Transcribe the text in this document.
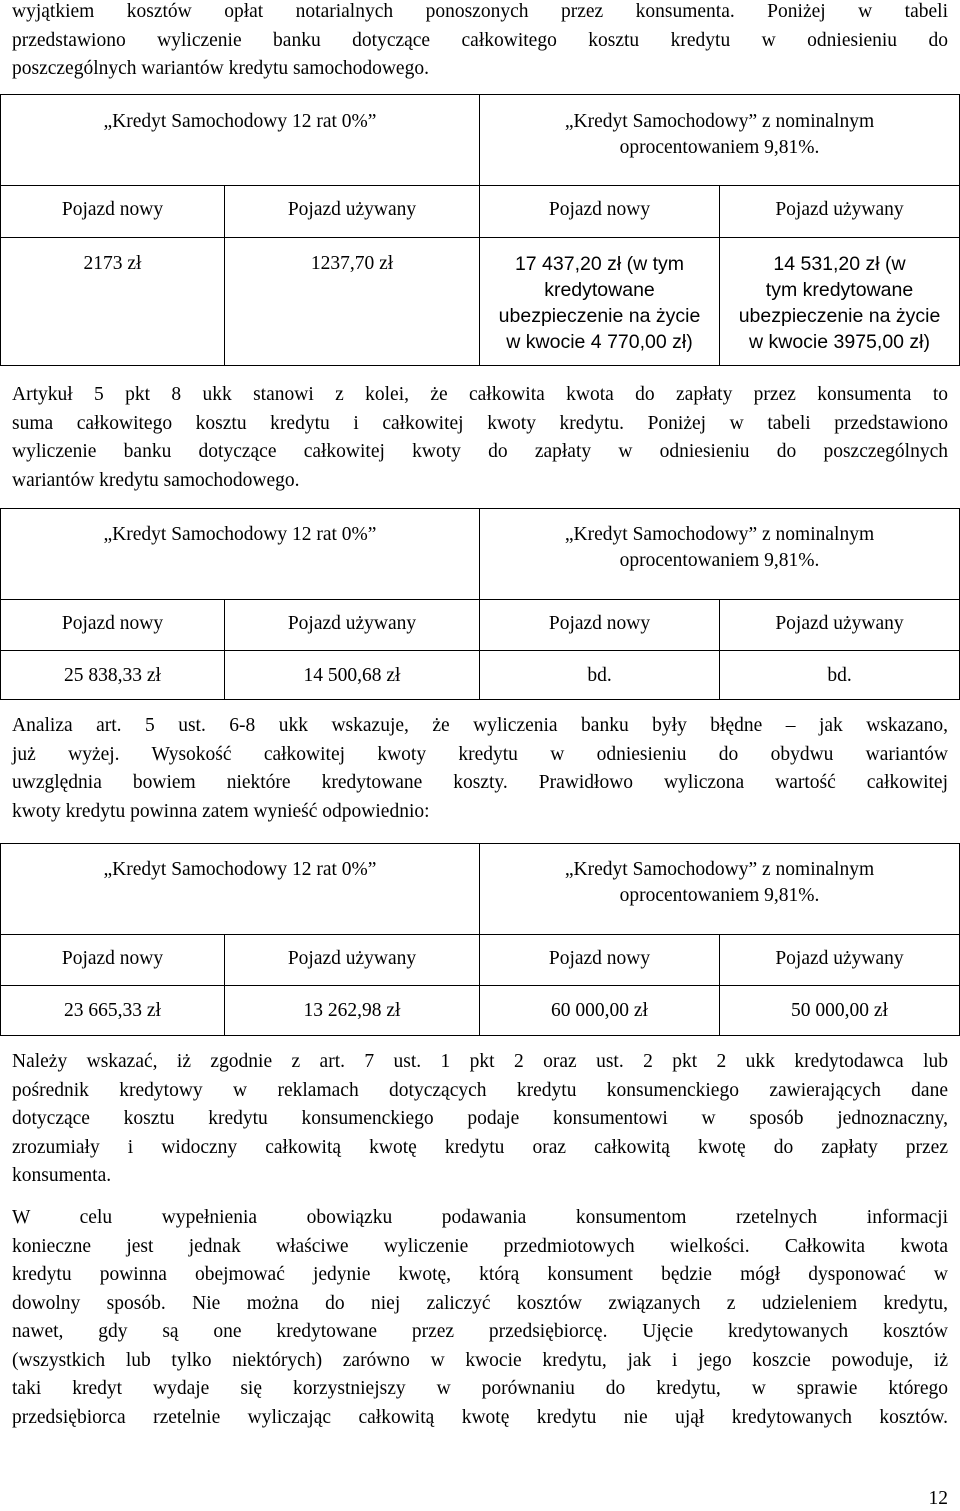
wyjątkiem kosztów opłat notarialnych ponoszonych przez konsumenta. Poniżej w tabeli
przedstawiono wyliczenie banku dotyczące całkowitego kosztu kredytu w odniesieniu do
poszczególnych wariantów kredytu samochodowego.
„Kredyt Samochodowy 12 rat 0%”		„Kredyt Samochodowy” z nominalnym
oprocentowaniem 9,81%.	
Pojazd nowy	Pojazd używany	Pojazd nowy	Pojazd używany
2173 zł	1237,70 zł	17 437,20 zł (w tym
kredytowane
ubezpieczenie na życie
w kwocie 4 770,00 zł)	14 531,20 zł (w
tym kredytowane
ubezpieczenie na życie
w kwocie 3975,00 zł)
Artykuł 5 pkt 8 ukk stanowi z kolei, że całkowita kwota do zapłaty przez konsumenta to
suma całkowitego kosztu kredytu i całkowitej kwoty kredytu. Poniżej w tabeli przedstawiono
wyliczenie banku dotyczące całkowitej kwoty do zapłaty w odniesieniu do poszczególnych
wariantów kredytu samochodowego.
„Kredyt Samochodowy 12 rat 0%”		„Kredyt Samochodowy” z nominalnym
oprocentowaniem 9,81%.	
Pojazd nowy	Pojazd używany	Pojazd nowy	Pojazd używany
25 838,33 zł	14 500,68 zł	bd.	bd.
Analiza art. 5 ust. 6-8 ukk wskazuje, że wyliczenia banku były błędne – jak wskazano,
już wyżej. Wysokość całkowitej kwoty kredytu w odniesieniu do obydwu wariantów
uwzględnia bowiem niektóre kredytowane koszty. Prawidłowo wyliczona wartość całkowitej
kwoty kredytu powinna zatem wynieść odpowiednio:
„Kredyt Samochodowy 12 rat 0%”		„Kredyt Samochodowy” z nominalnym
oprocentowaniem 9,81%.	
Pojazd nowy	Pojazd używany	Pojazd nowy	Pojazd używany
23 665,33 zł	13 262,98 zł	60 000,00 zł	50 000,00 zł
Należy wskazać, iż zgodnie z art. 7 ust. 1 pkt 2 oraz ust. 2 pkt 2 ukk kredytodawca lub
pośrednik kredytowy w reklamach dotyczących kredytu konsumenckiego zawierających dane
dotyczące kosztu kredytu konsumenckiego podaje konsumentowi w sposób jednoznaczny,
zrozumiały i widoczny całkowitą kwotę kredytu oraz całkowitą kwotę do zapłaty przez
konsumenta.
W celu wypełnienia obowiązku podawania konsumentom rzetelnych informacji
konieczne jest jednak właściwe wyliczenie przedmiotowych wielkości. Całkowita kwota
kredytu powinna obejmować jedynie kwotę, którą konsument będzie mógł dysponować w
dowolny sposób. Nie można do niej zaliczyć kosztów związanych z udzieleniem kredytu,
nawet, gdy są one kredytowane przez przedsiębiorcę. Ujęcie kredytowanych kosztów
(wszystkich lub tylko niektórych) zarówno w kwocie kredytu, jak i jego koszcie powoduje, iż
taki kredyt wydaje się korzystniejszy w porównaniu do kredytu, w sprawie którego
przedsiębiorca rzetelnie wyliczając całkowitą kwotę kredytu nie ujął kredytowanych kosztów.
12
